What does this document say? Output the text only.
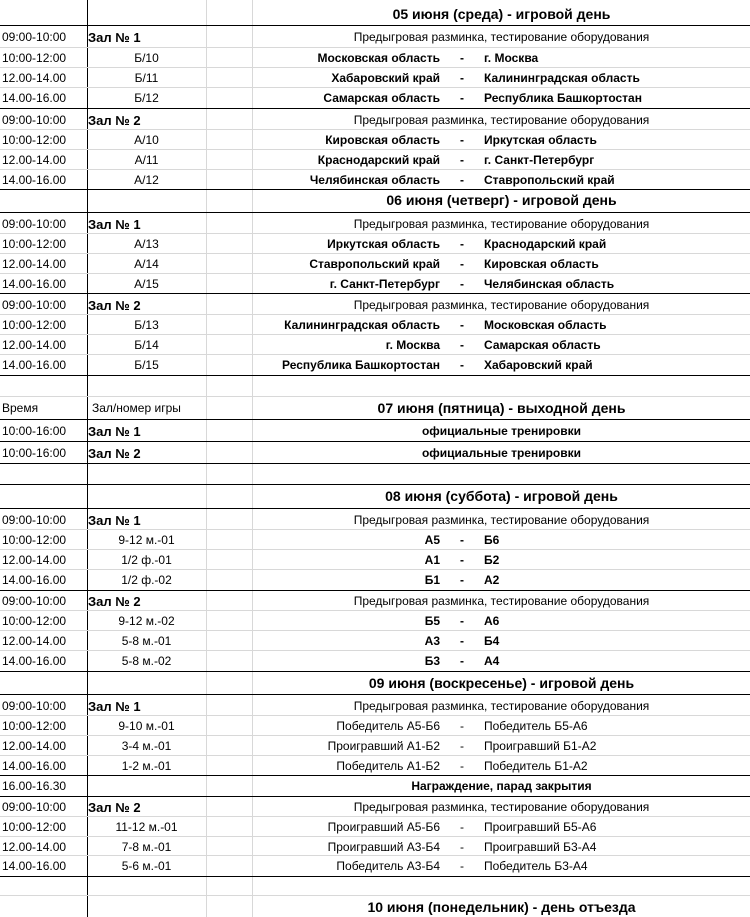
05 июня (среда) - игровой день
09:00-10:00	Зал № 1	Предыгровая разминка, тестирование оборудования
10:00-12:00	Б/10	Московская область	-	г. Москва
12.00-14.00	Б/11	Хабаровский край	-	Калининградская область
14.00-16.00	Б/12	Самарская область	-	Республика Башкортостан
09:00-10:00	Зал № 2	Предыгровая разминка, тестирование оборудования
10:00-12:00	А/10	Кировская область	-	Иркутская область
12.00-14.00	А/11	Краснодарский край	-	г. Санкт-Петербург
14.00-16.00	А/12	Челябинская область	-	Ставропольский край
06 июня (четверг) - игровой день
09:00-10:00	Зал № 1	Предыгровая разминка, тестирование оборудования
10:00-12:00	А/13	Иркутская область	-	Краснодарский край
12.00-14.00	А/14	Ставропольский край	-	Кировская область
14.00-16.00	А/15	г. Санкт-Петербург	-	Челябинская область
09:00-10:00	Зал № 2	Предыгровая разминка, тестирование оборудования
10:00-12:00	Б/13	Калининградская область	-	Московская область
12.00-14.00	Б/14	г. Москва	-	Самарская область
14.00-16.00	Б/15	Республика Башкортостан	-	Хабаровский край
Время	Зал/номер игры	07 июня (пятница) - выходной день
10:00-16:00	Зал № 1	официальные тренировки
10:00-16:00	Зал № 2	официальные тренировки
08 июня (суббота) - игровой день
09:00-10:00	Зал № 1	Предыгровая разминка, тестирование оборудования
10:00-12:00	9-12 м.-01	А5	-	Б6
12.00-14.00	1/2 ф.-01	А1	-	Б2
14.00-16.00	1/2 ф.-02	Б1	-	А2
09:00-10:00	Зал № 2	Предыгровая разминка, тестирование оборудования
10:00-12:00	9-12 м.-02	Б5	-	А6
12.00-14.00	5-8 м.-01	А3	-	Б4
14.00-16.00	5-8 м.-02	Б3	-	А4
09 июня (воскресенье) - игровой день
09:00-10:00	Зал № 1	Предыгровая разминка, тестирование оборудования
10:00-12:00	9-10 м.-01	Победитель А5-Б6	-	Победитель Б5-А6
12.00-14.00	3-4 м.-01	Проигравший А1-Б2	-	Проигравший Б1-А2
14.00-16.00	1-2 м.-01	Победитель А1-Б2	-	Победитель Б1-А2
16.00-16.30	Награждение, парад закрытия
09:00-10:00	Зал № 2	Предыгровая разминка, тестирование оборудования
10:00-12:00	11-12 м.-01	Проигравший А5-Б6	-	Проигравший Б5-А6
12.00-14.00	7-8 м.-01	Проигравший А3-Б4	-	Проигравший Б3-А4
14.00-16.00	5-6 м.-01	Победитель А3-Б4	-	Победитель Б3-А4
10 июня (понедельник) - день отъезда
